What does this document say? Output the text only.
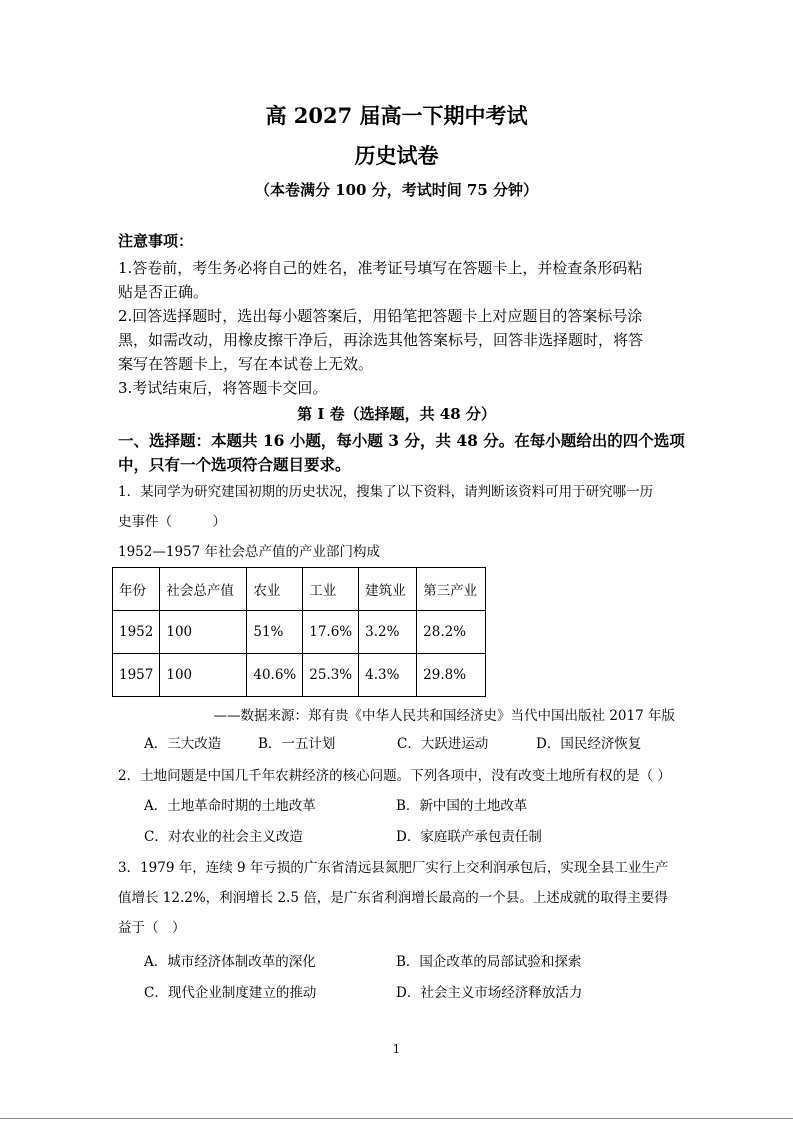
高 2027 届高一下期中考试
历史试卷
（本卷满分 100 分，考试时间 75 分钟）
注意事项：
1.答卷前，考生务必将自己的姓名，准考证号填写在答题卡上，并检查条形码粘
贴是否正确。
2.回答选择题时，选出每小题答案后，用铅笔把答题卡上对应题目的答案标号涂
黑，如需改动，用橡皮擦干净后，再涂选其他答案标号，回答非选择题时，将答
案写在答题卡上，写在本试卷上无效。
3.考试结束后，将答题卡交回。
第 I 卷（选择题，共 48 分）
一、选择题：本题共 16 小题，每小题 3 分，共 48 分。在每小题给出的四个选项
中，只有一个选项符合题目要求。
1．某同学为研究建国初期的历史状况，搜集了以下资料，请判断该资料可用于研究哪一历
史事件（　　　）
1952—1957 年社会总产值的产业部门构成
年份	社会总产值	农业	工业	建筑业	第三产业
1952	100	51%	17.6%	3.2%	28.2%
1957	100	40.6%	25.3%	4.3%	29.8%
——数据来源：郑有贵《中华人民共和国经济史》当代中国出版社 2017 年版
A．三大改造	B．一五计划	C．大跃进运动	D．国民经济恢复
2．土地问题是中国几千年农耕经济的核心问题。下列各项中，没有改变土地所有权的是（ ）
A．土地革命时期的土地改革	B．新中国的土地改革
C．对农业的社会主义改造	D．家庭联产承包责任制
3．1979 年，连续 9 年亏损的广东省清远县氮肥厂实行上交利润承包后，实现全县工业生产
值增长 12.2%，利润增长 2.5 倍，是广东省利润增长最高的一个县。上述成就的取得主要得
益于（　）
A．城市经济体制改革的深化	B．国企改革的局部试验和探索
C．现代企业制度建立的推动	D．社会主义市场经济释放活力
1
